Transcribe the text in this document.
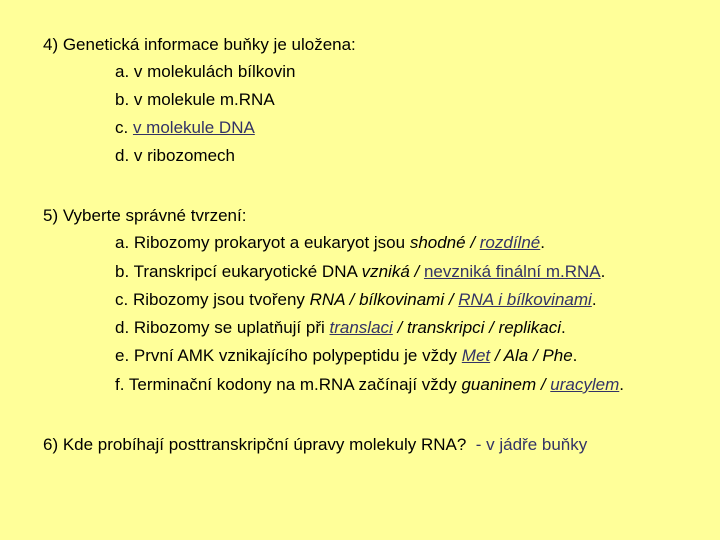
4) Genetická informace buňky je uložena:
a. v molekulách bílkovin
b. v molekule m.RNA
c. v molekule DNA
d. v ribozomech
5) Vyberte správné tvrzení:
a. Ribozomy prokaryot a eukaryot jsou shodné / rozdílné.
b. Transkripcí eukaryotické DNA vzniká / nevzniká finální m.RNA.
c. Ribozomy jsou tvořeny RNA / bílkovinami / RNA i bílkovinami.
d. Ribozomy se uplatňují při translaci / transkripci / replikaci.
e. První AMK vznikajícího polypeptidu je vždy Met / Ala / Phe.
f. Terminační kodony na m.RNA začínají vždy guaninem / uracylem.
6) Kde probíhají posttranskripční úpravy molekuly RNA? - v jádře buňky
